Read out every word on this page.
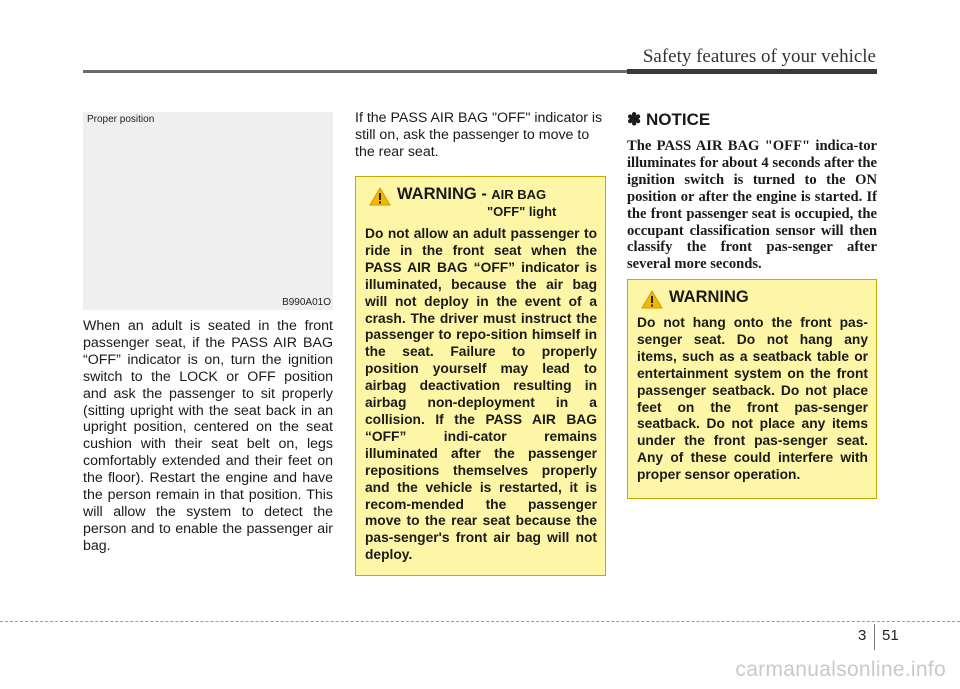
Safety features of your vehicle
Proper position
B990A01O

When an adult is seated in the front passenger seat, if the PASS AIR BAG “OFF” indicator is on, turn the ignition switch to the LOCK or OFF position and ask the passenger to sit properly (sitting upright with the seat back in an upright position, centered on the seat cushion with their seat belt on, legs comfortably extended and their feet on the floor). Restart the engine and have the person remain in that position. This will allow the system to detect the person and to enable the passenger air bag.

If the PASS AIR BAG "OFF" indicator is still on, ask the passenger to move to the rear seat.

WARNING - AIR BAG
"OFF" light
Do not allow an adult passenger to ride in the front seat when the PASS AIR BAG “OFF” indicator is illuminated, because the air bag will not deploy in the event of a crash. The driver must instruct the passenger to repo-sition himself in the seat. Failure to properly position yourself may lead to airbag deactivation resulting in airbag non-deployment in a collision. If the PASS AIR BAG “OFF” indi-cator remains illuminated after the passenger repositions themselves properly and the vehicle is restarted, it is recom-mended the passenger move to the rear seat because the pas-senger's front air bag will not deploy.
✽ NOTICE
The PASS AIR BAG "OFF" indica-tor illuminates for about 4 seconds after the ignition switch is turned to the ON position or after the engine is started. If the front passenger seat is occupied, the occupant classification sensor will then classify the front pas-senger after several more seconds.
WARNING
Do not hang onto the front pas-senger seat. Do not hang any items, such as a seatback table or entertainment system on the front passenger seatback. Do not place feet on the front pas-senger seatback. Do not place any items under the front pas-senger seat. Any of these could interfere with proper sensor operation.
3 51
carmanualsonline.info
